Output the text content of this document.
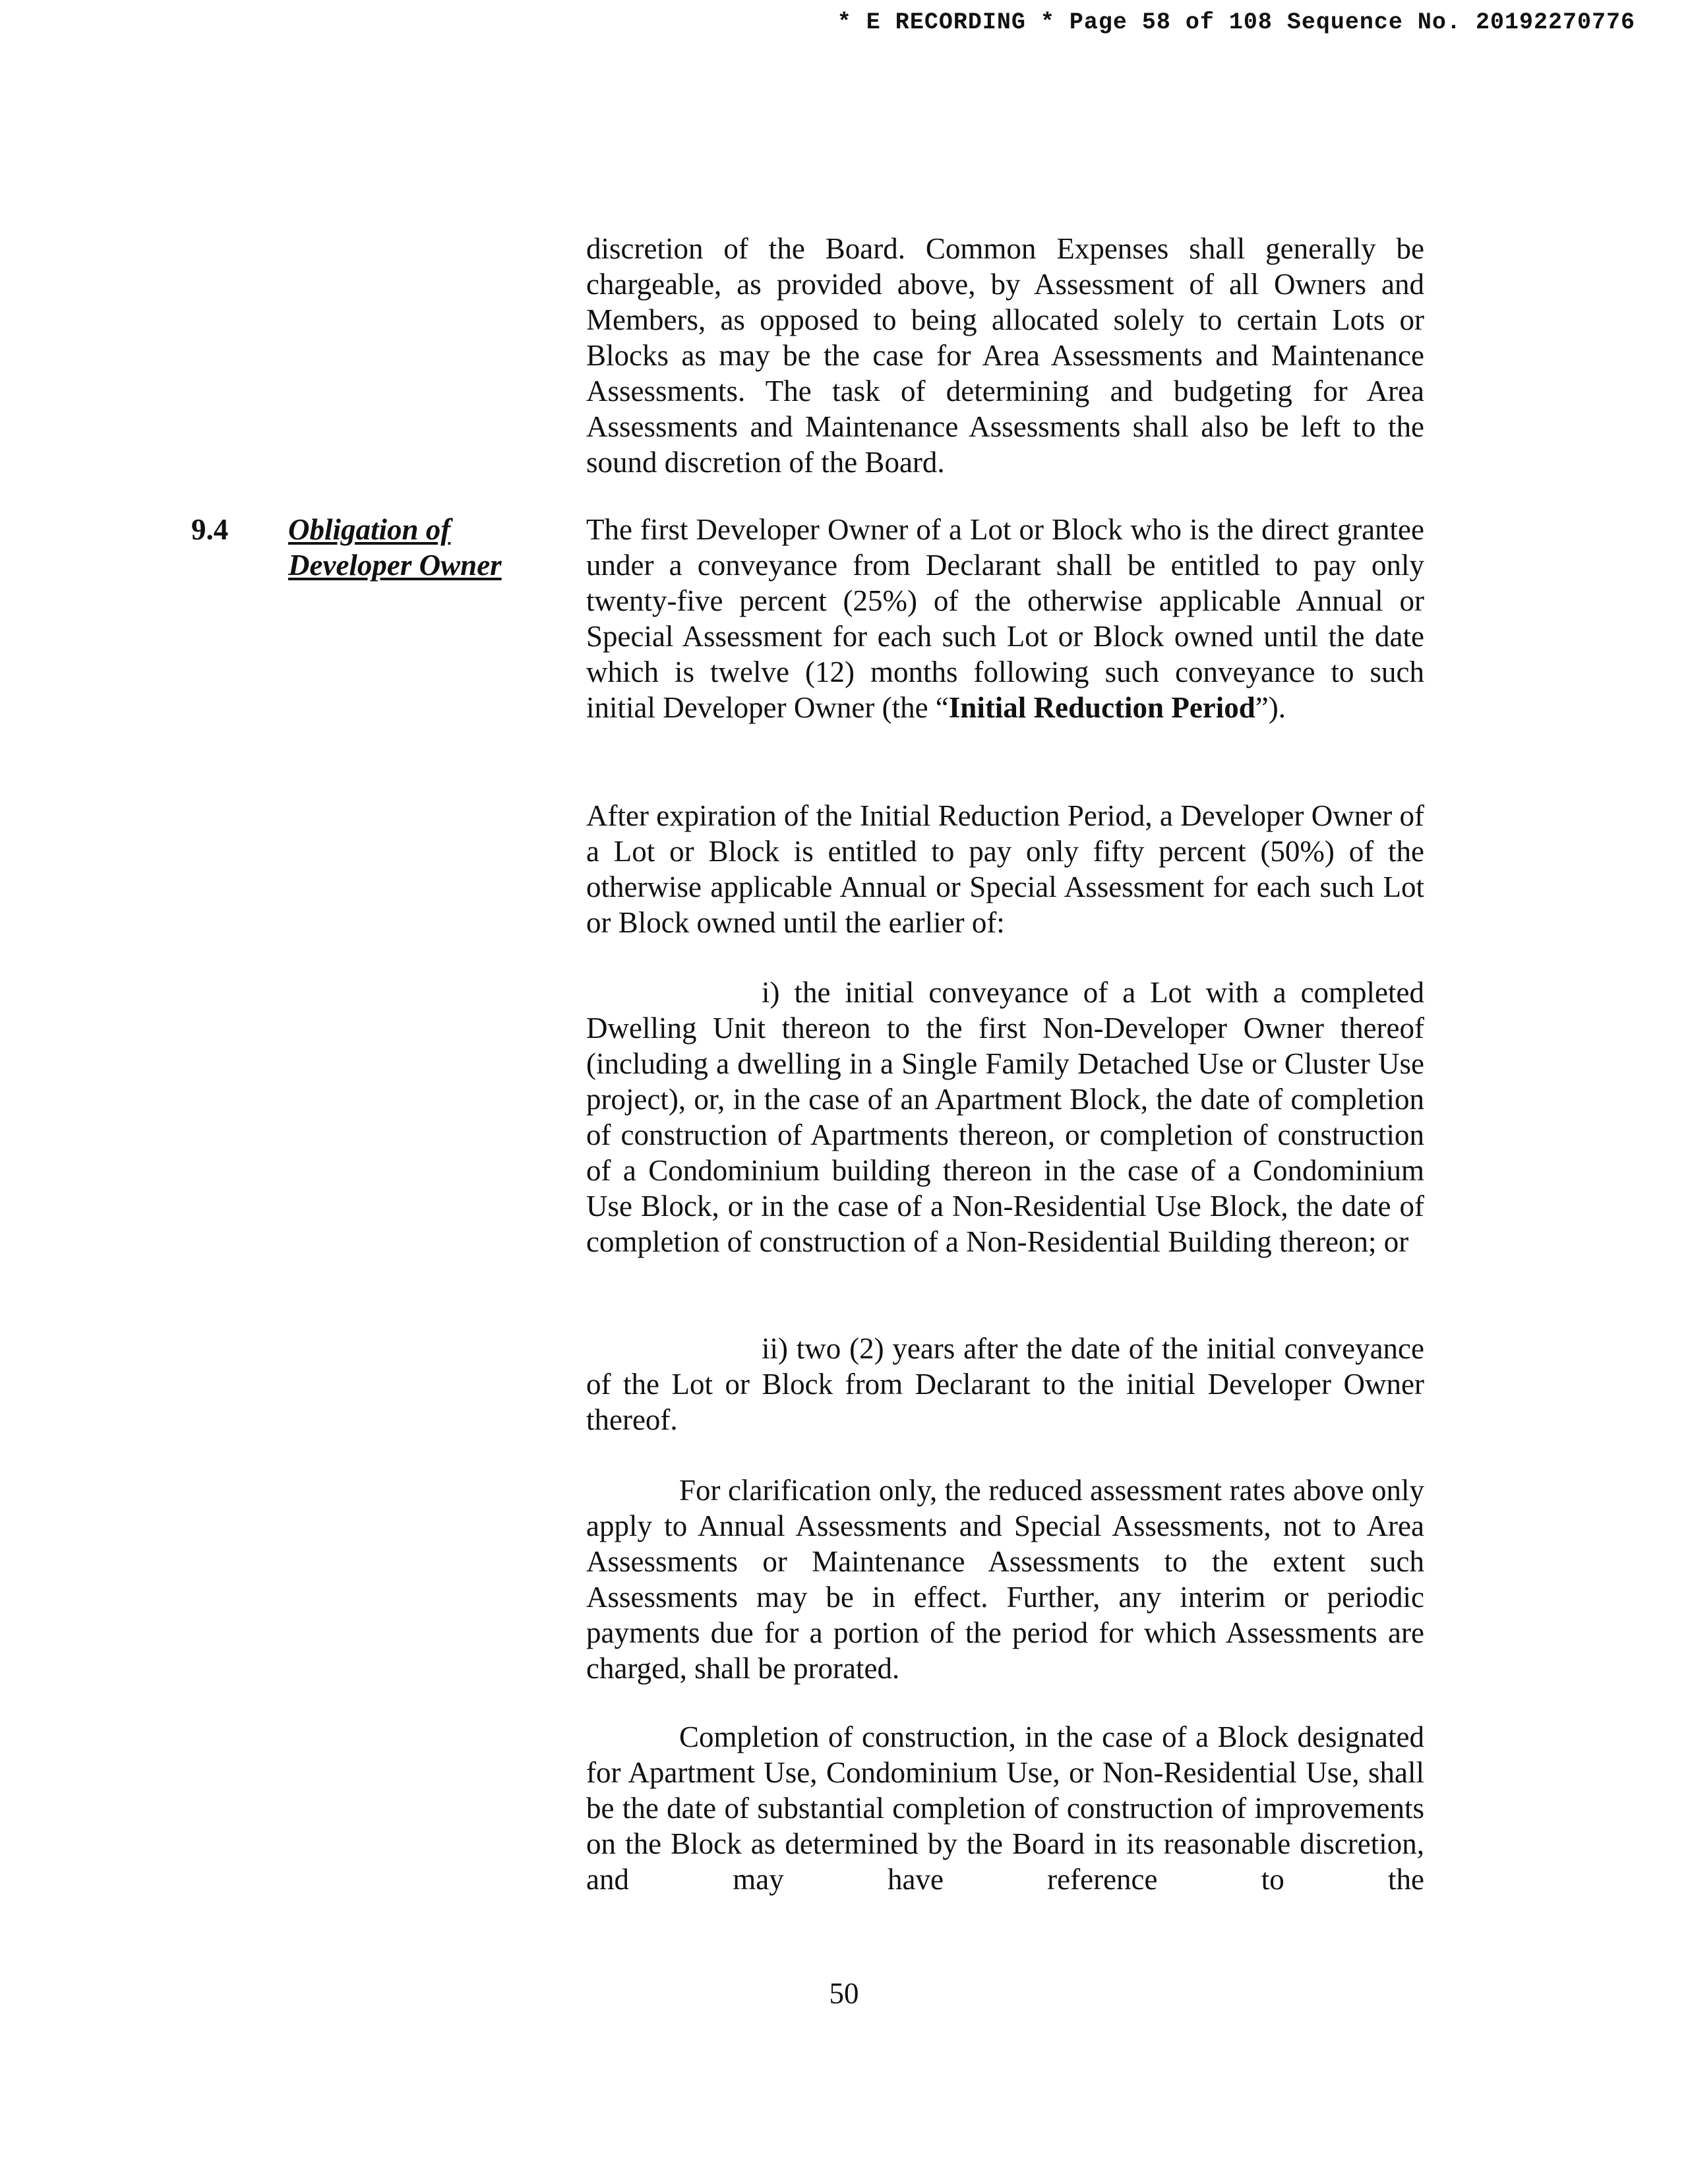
* E RECORDING * Page 58 of 108 Sequence No. 20192270776

discretion of the Board. Common Expenses shall generally be chargeable, as provided above, by Assessment of all Owners and Members, as opposed to being allocated solely to certain Lots or Blocks as may be the case for Area Assessments and Maintenance Assessments. The task of determining and budgeting for Area Assessments and Maintenance Assessments shall also be left to the sound discretion of the Board.

9.4 Obligation of
Developer Owner

The first Developer Owner of a Lot or Block who is the direct grantee under a conveyance from Declarant shall be entitled to pay only twenty-five percent (25%) of the otherwise applicable Annual or Special Assessment for each such Lot or Block owned until the date which is twelve (12) months following such conveyance to such initial Developer Owner (the “Initial Reduction Period”).

After expiration of the Initial Reduction Period, a Developer Owner of a Lot or Block is entitled to pay only fifty percent (50%) of the otherwise applicable Annual or Special Assessment for each such Lot or Block owned until the earlier of:

i) the initial conveyance of a Lot with a completed Dwelling Unit thereon to the first Non-Developer Owner thereof (including a dwelling in a Single Family Detached Use or Cluster Use project), or, in the case of an Apartment Block, the date of completion of construction of Apartments thereon, or completion of construction of a Condominium building thereon in the case of a Condominium Use Block, or in the case of a Non-Residential Use Block, the date of completion of construction of a Non-Residential Building thereon; or

ii) two (2) years after the date of the initial conveyance of the Lot or Block from Declarant to the initial Developer Owner thereof.

For clarification only, the reduced assessment rates above only apply to Annual Assessments and Special Assessments, not to Area Assessments or Maintenance Assessments to the extent such Assessments may be in effect. Further, any interim or periodic payments due for a portion of the period for which Assessments are charged, shall be prorated.

Completion of construction, in the case of a Block designated for Apartment Use, Condominium Use, or Non-Residential Use, shall be the date of substantial completion of construction of improvements on the Block as determined by the Board in its reasonable discretion, and may have reference to the

50
